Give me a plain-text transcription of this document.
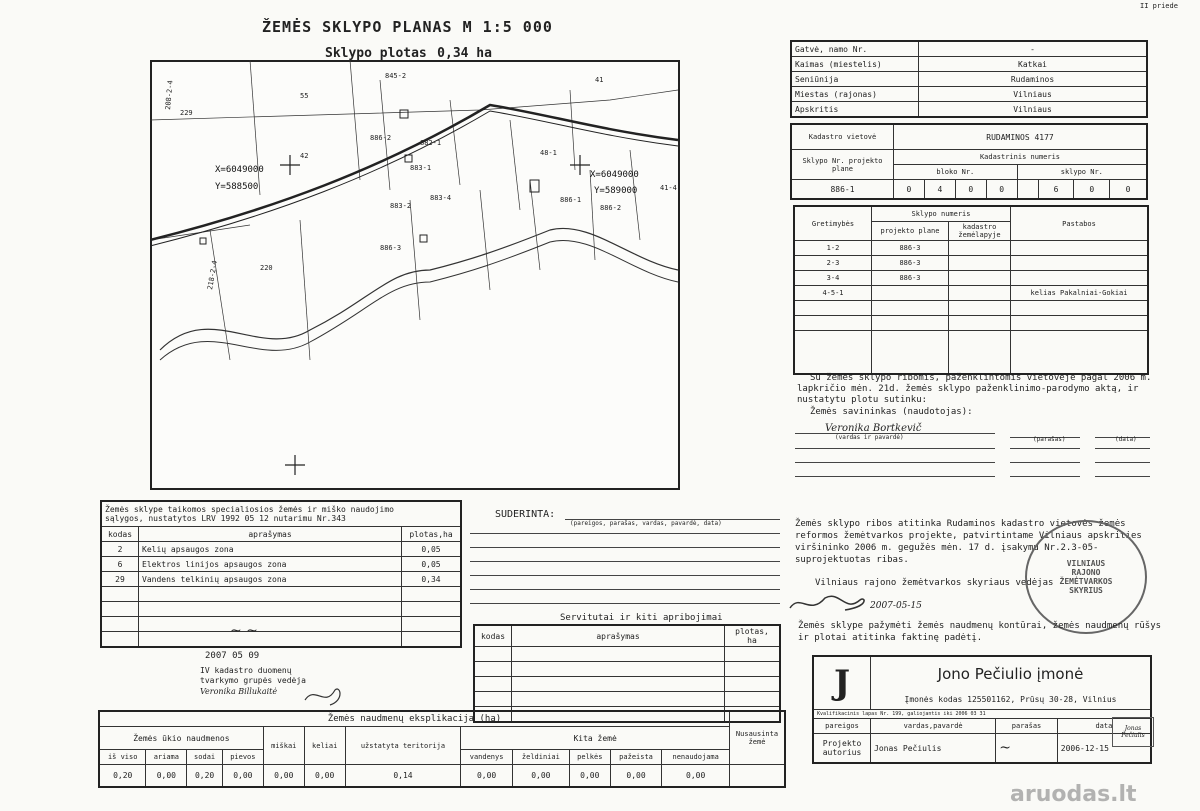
II priede
ŽEMĖS SKLYPO PLANAS M 1:5 000
Sklypo plotas 0,34 ha
55
845-2	41
42
886-2
882-1
48-1
883-1
883-2
883-4
886-3
886-1
886-2
229
220
218-2-4
208-2-4
41-4
X=6049000
Y=588500
X=6049000
Y=589000
Gatvė, namo Nr.	-
Kaimas (miestelis)	Katkai
Seniūnija	Rudaminos
Miestas (rajonas)	Vilniaus
Apskritis	Vilniaus
Kadastro vietovė	RUDAMINOS 4177							
Sklypo Nr. projekto plane	Kadastrinis numeris							
	bloko Nr.				sklypo Nr.			
886-1	0	4	0	0		6	0	0
Gretimybės	Sklypo numeris		Pastabos
	projekto plane	kadastro žemėlapyje	
1-2	886-3		
2-3	886-3		
3-4	886-3		
4-5-1			kelias Pakalniai-Gokiai

Su žemės sklypo ribomis, paženklintomis vietovėje pagal 2006 m.
lapkričio mėn. 21d. žemės sklypo paženklinimo-parodymo aktą, ir
nustatytu plotu sutinku:
Žemės savininkas (naudotojas):
Veronika Bortkevič
(vardas ir pavardė)	(parašas)	(data)
Žemės sklype taikomos specialiosios žemės ir miško naudojimo
sąlygos, nustatytos LRV 1992 05 12 nutarimu Nr.343		

kodas	aprašymas	plotas,ha
2	Kelių apsaugos zona	0,05
6	Elektros linijos apsaugos zona	0,05
29	Vandens telkinių apsaugos zona	0,34

~ ~
2007 05 09
IV kadastro duomenų
tvarkymo grupės vedėja
Veronika Billukaitė
SUDERINTA:
(pareigos, parašas, vardas, pavardė, data)
Servitutai ir kiti apribojimai
kodas	aprašymas	plotas, ha

Žemės sklypo ribos atitinka Rudaminos kadastro vietovės žemės
reformos žemėtvarkos projekte, patvirtintame Vilniaus apskrities
viršininko 2006 m. gegužės mėn. 17 d. įsakymu Nr.2.3-05-
suprojektuotas ribas.
Vilniaus rajono žemėtvarkos skyriaus vedėjas
2007-05-15
VILNIAUS
RAJONO
ŽEMĖTVARKOS
SKYRIUS
Žemės sklype pažymėti žemės naudmenų kontūrai, žemės naudmenų rūšys
ir plotai atitinka faktinę padėtį.
J	Jono Pečiulio įmonė		
	Įmonės kodas 125501162, Prūsų 30-28, Vilnius		
Kvalifikacinis lapas Nr. 199, galiojantis iki 2006 03 31			
pareigos	vardas,pavardė	parašas	data
Projekto autorius	Jonas Pečiulis	~	2006-12-15
Jonas Pečiulis
Žemės naudmenų eksplikacija (ha)												Nusausinta žemė
Žemės ūkio naudmenos				miškai	keliai	užstatyta teritorija	Kita žemė					
iš viso	ariama	sodai	pievos				vandenys	želdiniai	pelkės	pažeista	nenaudojama	
0,20	0,00	0,20	0,00	0,00	0,00	0,14	0,00	0,00	0,00	0,00	0,00	
aruodas.lt
